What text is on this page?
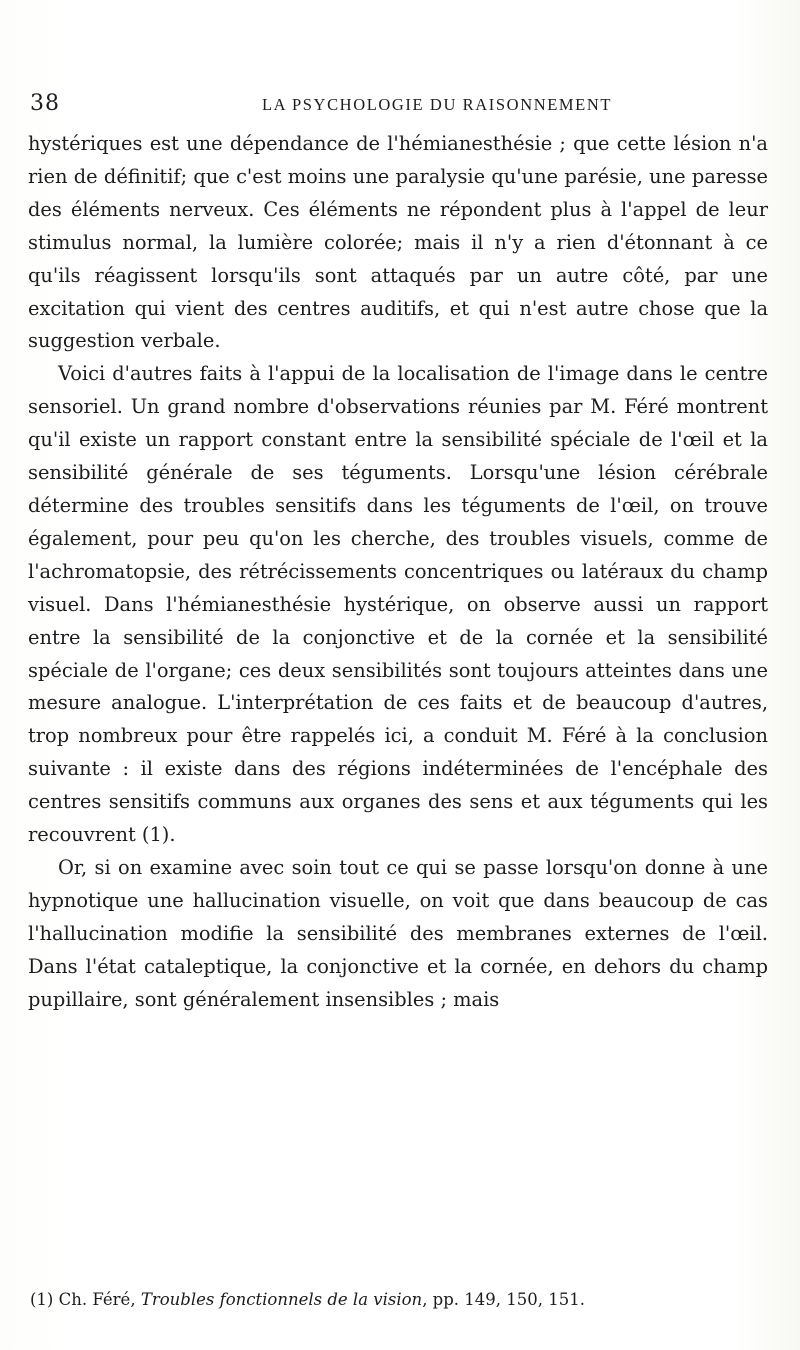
38	LA PSYCHOLOGIE DU RAISONNEMENT

hystériques est une dépendance de l'hémianesthésie ; que cette lésion n'a rien de définitif; que c'est moins une paralysie qu'une parésie, une paresse des éléments nerveux. Ces éléments ne répondent plus à l'appel de leur stimulus normal, la lumière colorée; mais il n'y a rien d'étonnant à ce qu'ils réagissent lorsqu'ils sont attaqués par un autre côté, par une excitation qui vient des centres auditifs, et qui n'est autre chose que la suggestion verbale.

Voici d'autres faits à l'appui de la localisation de l'image dans le centre sensoriel. Un grand nombre d'observations réunies par M. Féré montrent qu'il existe un rapport constant entre la sensibilité spéciale de l'œil et la sensibilité générale de ses téguments. Lorsqu'une lésion cérébrale détermine des troubles sensitifs dans les téguments de l'œil, on trouve également, pour peu qu'on les cherche, des troubles visuels, comme de l'achromatopsie, des rétrécissements concentriques ou latéraux du champ visuel. Dans l'hémianesthésie hystérique, on observe aussi un rapport entre la sensibilité de la conjonctive et de la cornée et la sensibilité spéciale de l'organe; ces deux sensibilités sont toujours atteintes dans une mesure analogue. L'interprétation de ces faits et de beaucoup d'autres, trop nombreux pour être rappelés ici, a conduit M. Féré à la conclusion suivante : il existe dans des régions indéterminées de l'encéphale des centres sensitifs communs aux organes des sens et aux téguments qui les recouvrent (1).

Or, si on examine avec soin tout ce qui se passe lorsqu'on donne à une hypnotique une hallucination visuelle, on voit que dans beaucoup de cas l'hallucination modifie la sensibilité des membranes externes de l'œil. Dans l'état cataleptique, la conjonctive et la cornée, en dehors du champ pupillaire, sont généralement insensibles ; mais

(1) Ch. Féré, Troubles fonctionnels de la vision, pp. 149, 150, 151.
